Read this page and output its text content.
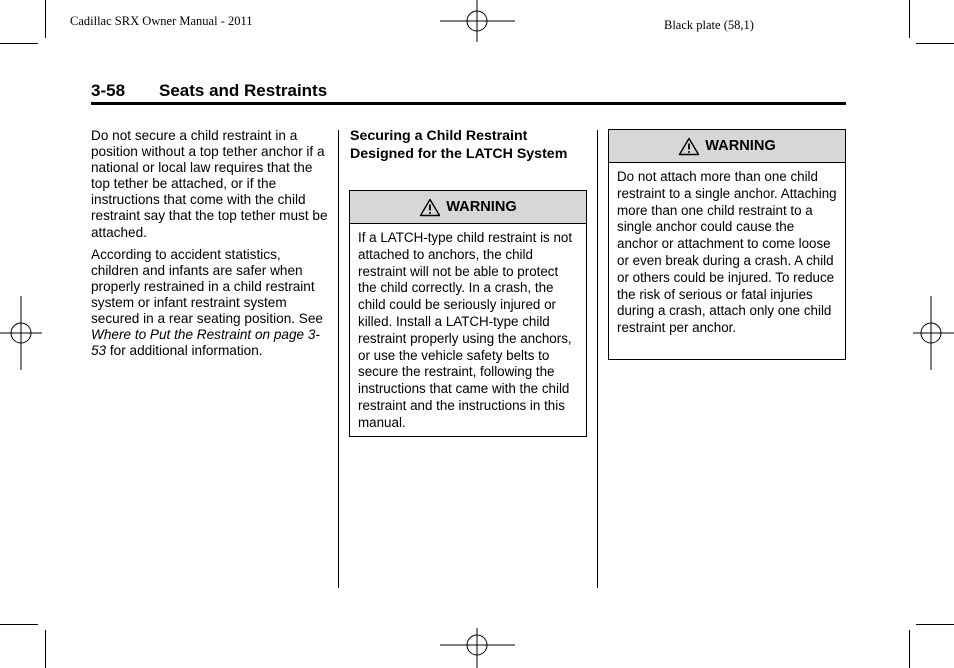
Cadillac SRX Owner Manual - 2011	Black plate (58,1)
3-58 Seats and Restraints

Do not secure a child restraint in a position without a top tether anchor if a national or local law requires that the top tether be attached, or if the instructions that come with the child restraint say that the top tether must be attached.

According to accident statistics, children and infants are safer when properly restrained in a child restraint system or infant restraint system secured in a rear seating position. See Where to Put the Restraint on page 3-53 for additional information.

Securing a Child Restraint Designed for the LATCH System
WARNING
If a LATCH-type child restraint is not attached to anchors, the child restraint will not be able to protect the child correctly. In a crash, the child could be seriously injured or killed. Install a LATCH-type child restraint properly using the anchors, or use the vehicle safety belts to secure the restraint, following the instructions that came with the child restraint and the instructions in this manual.
WARNING
Do not attach more than one child restraint to a single anchor. Attaching more than one child restraint to a single anchor could cause the anchor or attachment to come loose or even break during a crash. A child or others could be injured. To reduce the risk of serious or fatal injuries during a crash, attach only one child restraint per anchor.
